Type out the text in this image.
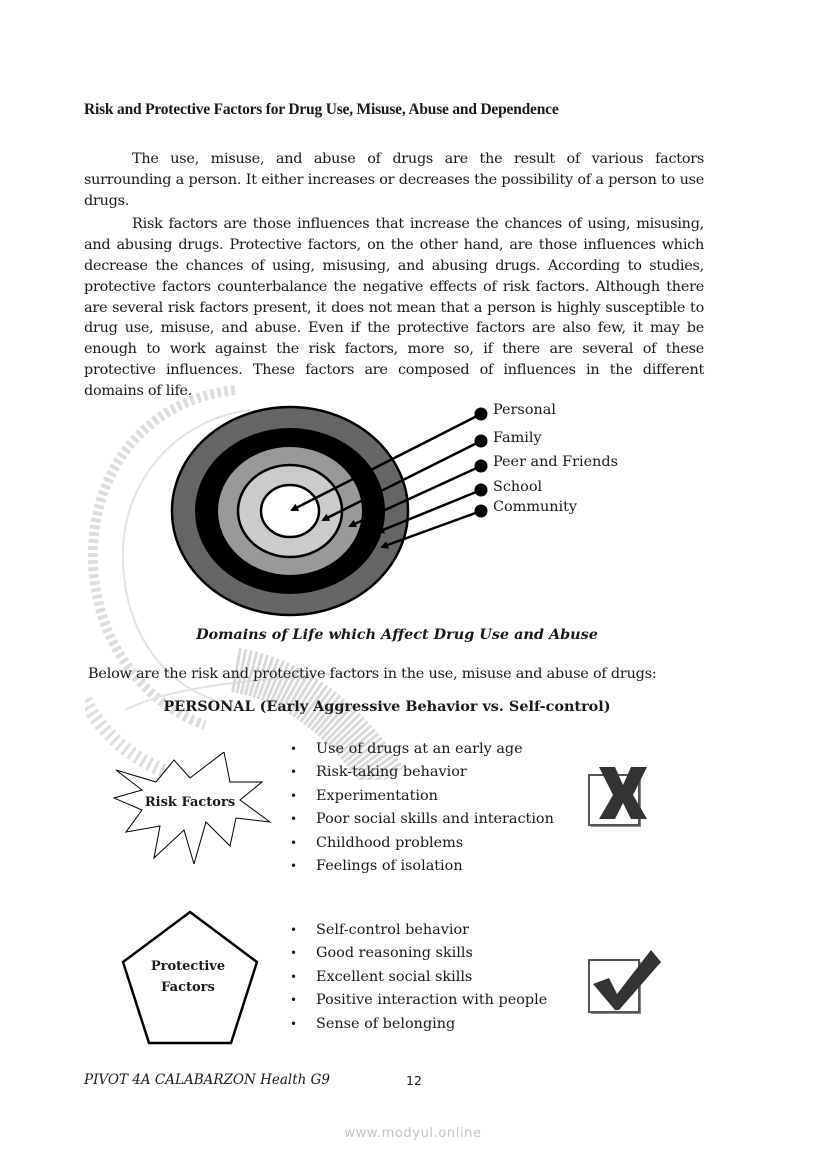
Risk and Protective Factors for Drug Use, Misuse, Abuse and Dependence

The use, misuse, and abuse of drugs are the result of various factors surrounding a person. It either increases or decreases the possibility of a person to use drugs.

Risk factors are those influences that increase the chances of using, misusing, and abusing drugs. Protective factors, on the other hand, are those influences which decrease the chances of using, misusing, and abusing drugs. According to studies, protective factors counterbalance the negative effects of risk factors. Although there are several risk factors present, it does not mean that a person is highly susceptible to drug use, misuse, and abuse. Even if the protective factors are also few, it may be enough to work against the risk factors, more so, if there are several of these protective influences. These factors are composed of influences in the different domains of life.

Personal
Family
Peer and Friends
School
Community
Domains of Life which Affect Drug Use and Abuse
Below are the risk and protective factors in the use, misuse and abuse of drugs:
PERSONAL (Early Aggressive Behavior vs. Self-control)
Risk Factors
• Use of drugs at an early age
• Risk-taking behavior
• Experimentation
• Poor social skills and interaction
• Childhood problems
• Feelings of isolation
Protective
Factors
• Self-control behavior
• Good reasoning skills
• Excellent social skills
• Positive interaction with people
• Sense of belonging
PIVOT 4A CALABARZON Health G9	12
www.modyul.online
